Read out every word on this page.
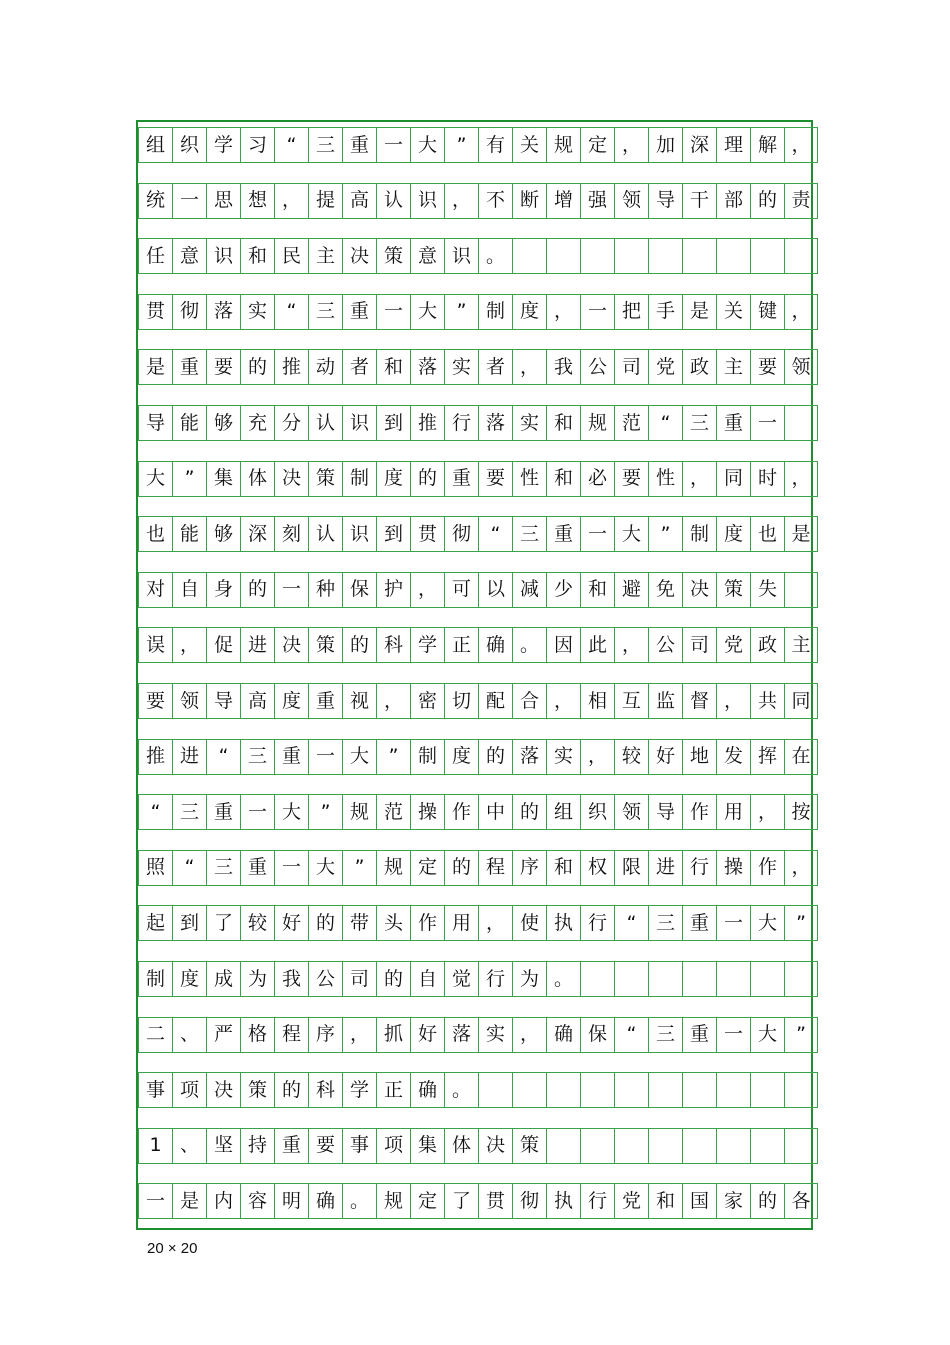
组 织 学 习	“	三 重 一 大	”	有 关 规 定 ， 加 深 理 解 ，
统 一 思 想 ， 提 高 认 识 ， 不 断 增 强 领 导 干 部 的 责
任 意 识 和 民 主 决 策 意 识 。
贯 彻 落 实	“	三 重 一 大	”	制 度 ， 一 把 手 是 关 键 ，
是 重 要 的 推 动 者 和 落 实 者 ， 我 公 司 党 政 主 要 领
导 能 够 充 分 认 识 到 推 行 落 实 和 规 范	“	三 重 一
大	”	集 体 决 策 制 度 的 重 要 性 和 必 要 性 ， 同 时 ，
也 能 够 深 刻 认 识 到 贯 彻	“	三 重 一 大	”	制 度 也 是
对 自 身 的 一 种 保 护 ， 可 以 减 少 和 避 免 决 策 失
误 ， 促 进 决 策 的 科 学 正 确 。 因 此 ， 公 司 党 政 主
要 领 导 高 度 重 视 ， 密 切 配 合 ， 相 互 监 督 ， 共 同
推 进	“	三 重 一 大	”	制 度 的 落 实 ， 较 好 地 发 挥 在
“	三 重 一 大	”	规 范 操 作 中 的 组 织 领 导 作 用 ， 按
照	“	三 重 一 大	”	规 定 的 程 序 和 权 限 进 行 操 作 ，
起 到 了 较 好 的 带 头 作 用 ， 使 执 行	“	三 重 一 大	”
制 度 成 为 我 公 司 的 自 觉 行 为 。
二 、 严 格 程 序 ， 抓 好 落 实 ， 确 保	“	三 重 一 大	”
事 项 决 策 的 科 学 正 确 。
1 、 坚 持 重 要 事 项 集 体 决 策
一 是 内 容 明 确 。 规 定 了 贯 彻 执 行 党 和 国 家 的 各
20 × 20
